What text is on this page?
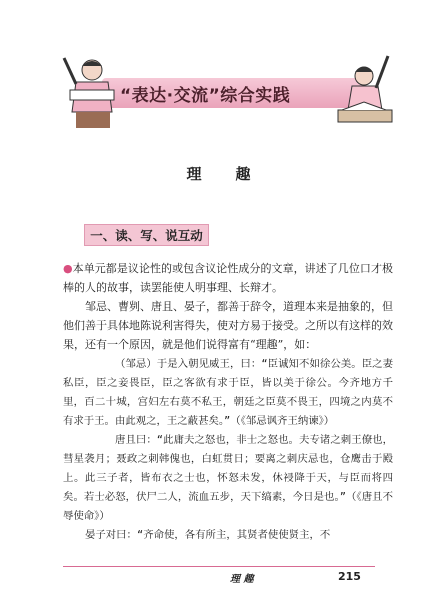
“表达·交流”综合实践
理趣
一、读、写、说互动
●本单元都是议论性的或包含议论性成分的文章，讲述了几位口才极棒的人的故事，读罢能使人明事理、长辩才。
邹忌、曹刿、唐且、晏子，都善于辞令，道理本来是抽象的，但他们善于具体地陈说利害得失，使对方易于接受。之所以有这样的效果，还有一个原因，就是他们说得富有“理趣”，如：
（邹忌）于是入朝见威王，曰：“臣诚知不如徐公美。臣之妻私臣，臣之妾畏臣，臣之客欲有求于臣，皆以美于徐公。今齐地方千里，百二十城，宫妇左右莫不私王，朝廷之臣莫不畏王，四境之内莫不有求于王。由此观之，王之蔽甚矣。”（《邹忌讽齐王纳谏》）
唐且曰：“此庸夫之怒也，非士之怒也。夫专诸之刺王僚也，彗星袭月；聂政之刺韩傀也，白虹贯日；要离之刺庆忌也，仓鹰击于殿上。此三子者，皆布衣之士也，怀怒未发，休祲降于天，与臣而将四矣。若士必怒，伏尸二人，流血五步，天下缟素，今日是也。”（《唐且不辱使命》）
晏子对曰：“齐命使，各有所主，其贤者使使贤主，不
理 趣	215
